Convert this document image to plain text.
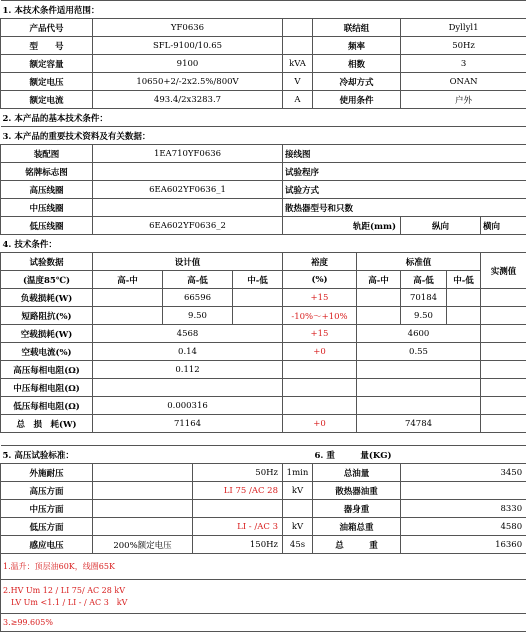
1. 本技术条件适用范围：										
产品代号	YF0636					联结组		Dyllyl1		
型　　号	SFL-9100/10.65					频率		50Hz		
额定容量	9100				kVA	相数		3		
额定电压	10650+2/-2x2.5%/800V				V	冷却方式		ONAN		
额定电流	493.4/2x3283.7				A	使用条件		户外		
2. 本产品的基本技术条件：										
3. 本产品的重要技术资料及有关数据：										
装配图	1EA710YF0636				接线图					
铭牌标志图					试验程序					
高压线圈	6EA602YF0636_1				试验方式					
中压线圈					散热器型号和只数					
低压线圈	6EA602YF0636_2				轨距(mm)			纵向		横向
4. 技术条件：										
试验数据	设计值				裕度		标准值			实测值
(温度85℃)	高-中	高-低		中-低	(%)		高-中	高-低	中-低	
负载损耗(W)		66596			+15			70184		
短路阻抗(%)		9.50			-10%～+10%			9.50		
空载损耗(W)	4568				+15		4600			
空载电流(%)	0.14				+0		0.55			
高压每相电阻(Ω)	0.112									
中压每相电阻(Ω)										
低压每相电阻(Ω)	0.000316									
总　损　耗(W)	71164				+0		74784			

5. 高压试验标准：						6. 重　　　量(KG)				
外施耐压			50Hz		1min	总油量		3450		
高压方面			LI 75 /AC 28		kV	散热器油重				
中压方面						器身重		8330		
低压方面			LI - /AC 3		kV	油箱总重		4580		
感应电压	200%额定电压		150Hz		45s	总　　　重		16360		
1.温升：顶层油60K，线圈65K										

2.HV Um 12 / LI 75/ AC 28 kV
LV Um <1.1 / LI - / AC 3　kV										

3.≥99.605%										
